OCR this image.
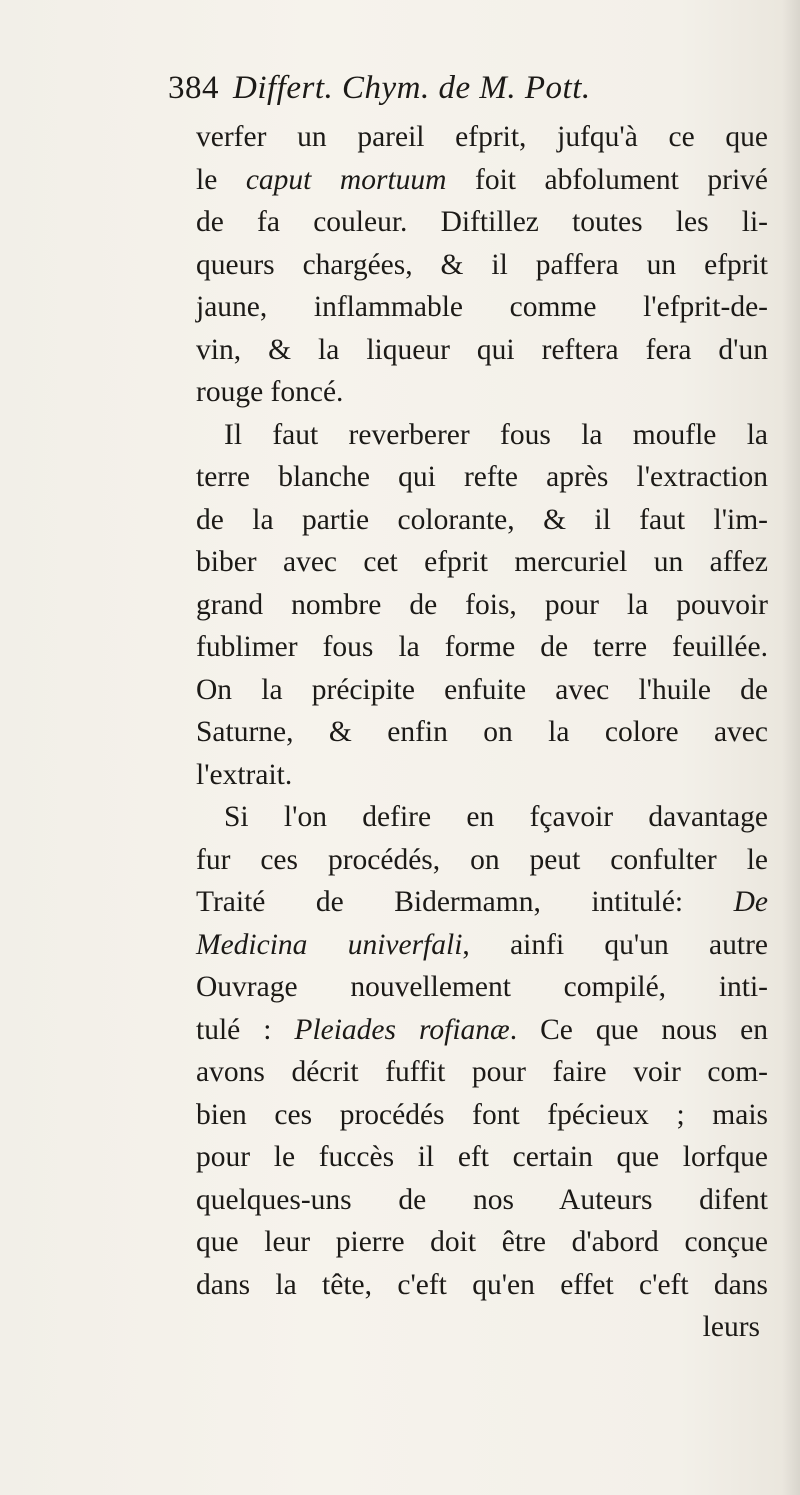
384 Differt. Chym. de M. Pott.
verfer un pareil efprit, jufqu'à ce que
le caput mortuum foit abfolument privé
de fa couleur. Diftillez toutes les li-
queurs chargées, & il paffera un efprit
jaune, inflammable comme l'efprit-de-
vin, & la liqueur qui reftera fera d'un
rouge foncé.
Il faut reverberer fous la moufle la
terre blanche qui refte après l'extraction
de la partie colorante, & il faut l'im-
biber avec cet efprit mercuriel un affez
grand nombre de fois, pour la pouvoir
fublimer fous la forme de terre feuillée.
On la précipite enfuite avec l'huile de
Saturne, & enfin on la colore avec
l'extrait.
Si l'on defire en fçavoir davantage
fur ces procédés, on peut confulter le
Traité de Bidermamn, intitulé: De
Medicina univerfali, ainfi qu'un autre
Ouvrage nouvellement compilé, inti-
tulé : Pleiades rofianæ. Ce que nous en
avons décrit fuffit pour faire voir com-
bien ces procédés font fpécieux ; mais
pour le fuccès il eft certain que lorfque
quelques-uns de nos Auteurs difent
que leur pierre doit être d'abord conçue
dans la tête, c'eft qu'en effet c'eft dans
leurs
